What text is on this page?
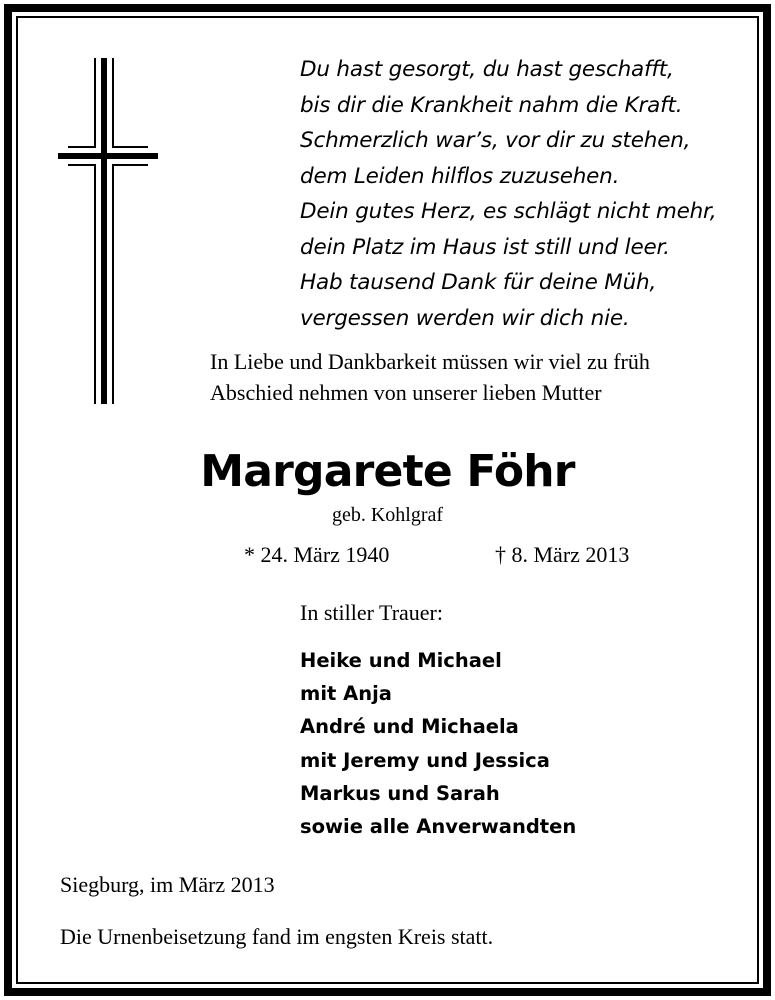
Du hast gesorgt, du hast geschafft,
bis dir die Krankheit nahm die Kraft.
Schmerzlich war’s, vor dir zu stehen,
dem Leiden hilflos zuzusehen.
Dein gutes Herz, es schlägt nicht mehr,
dein Platz im Haus ist still und leer.
Hab tausend Dank für deine Müh,
vergessen werden wir dich nie.
In Liebe und Dankbarkeit müssen wir viel zu früh
Abschied nehmen von unserer lieben Mutter
Margarete Föhr
geb. Kohlgraf
* 24. März 1940	† 8. März 2013
In stiller Trauer:
Heike und Michael
mit Anja
André und Michaela
mit Jeremy und Jessica
Markus und Sarah
sowie alle Anverwandten
Siegburg, im März 2013
Die Urnenbeisetzung fand im engsten Kreis statt.
